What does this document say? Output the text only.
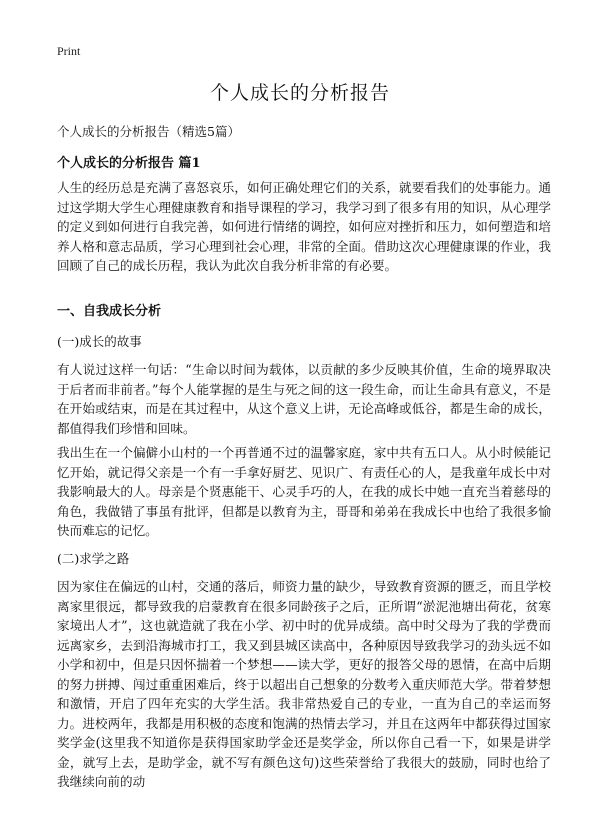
Print
个人成长的分析报告
个人成长的分析报告（精选5篇）
个人成长的分析报告 篇1

人生的经历总是充满了喜怒哀乐，如何正确处理它们的关系，就要看我们的处事能力。通过这学期大学生心理健康教育和指导课程的学习，我学习到了很多有用的知识，从心理学的定义到如何进行自我完善，如何进行情绪的调控，如何应对挫折和压力，如何塑造和培养人格和意志品质，学习心理到社会心理，非常的全面。借助这次心理健康课的作业，我回顾了自己的成长历程，我认为此次自我分析非常的有必要。

一、自我成长分析
(一)成长的故事

有人说过这样一句话：“生命以时间为载体，以贡献的多少反映其价值，生命的境界取决于后者而非前者。”每个人能掌握的是生与死之间的这一段生命，而让生命具有意义，不是在开始或结束，而是在其过程中，从这个意义上讲，无论高峰或低谷，都是生命的成长，都值得我们珍惜和回味。

我出生在一个偏僻小山村的一个再普通不过的温馨家庭，家中共有五口人。从小时候能记忆开始，就记得父亲是一个有一手拿好厨艺、见识广、有责任心的人，是我童年成长中对我影响最大的人。母亲是个贤惠能干、心灵手巧的人，在我的成长中她一直充当着慈母的角色，我做错了事虽有批评，但都是以教育为主，哥哥和弟弟在我成长中也给了我很多愉快而难忘的记忆。

(二)求学之路

因为家住在偏远的山村，交通的落后，师资力量的缺少，导致教育资源的匮乏，而且学校离家里很远，都导致我的启蒙教育在很多同龄孩子之后，正所谓“淤泥池塘出荷花，贫寒家境出人才”，这也就造就了我在小学、初中时的优异成绩。高中时父母为了我的学费而远离家乡，去到沿海城市打工，我又到县城区读高中，各种原因导致我学习的劲头远不如小学和初中，但是只因怀揣着一个梦想——读大学，更好的报答父母的恩情，在高中后期的努力拼搏、闯过重重困难后，终于以超出自己想象的分数考入重庆师范大学。带着梦想和激情，开启了四年充实的大学生活。我非常热爱自己的专业，一直为自己的幸运而努力。进校两年，我都是用积极的态度和饱满的热情去学习，并且在这两年中都获得过国家奖学金(这里我不知道你是获得国家助学金还是奖学金，所以你自己看一下，如果是讲学金，就写上去，是助学金，就不写有颜色这句)这些荣誉给了我很大的鼓励，同时也给了我继续向前的动
